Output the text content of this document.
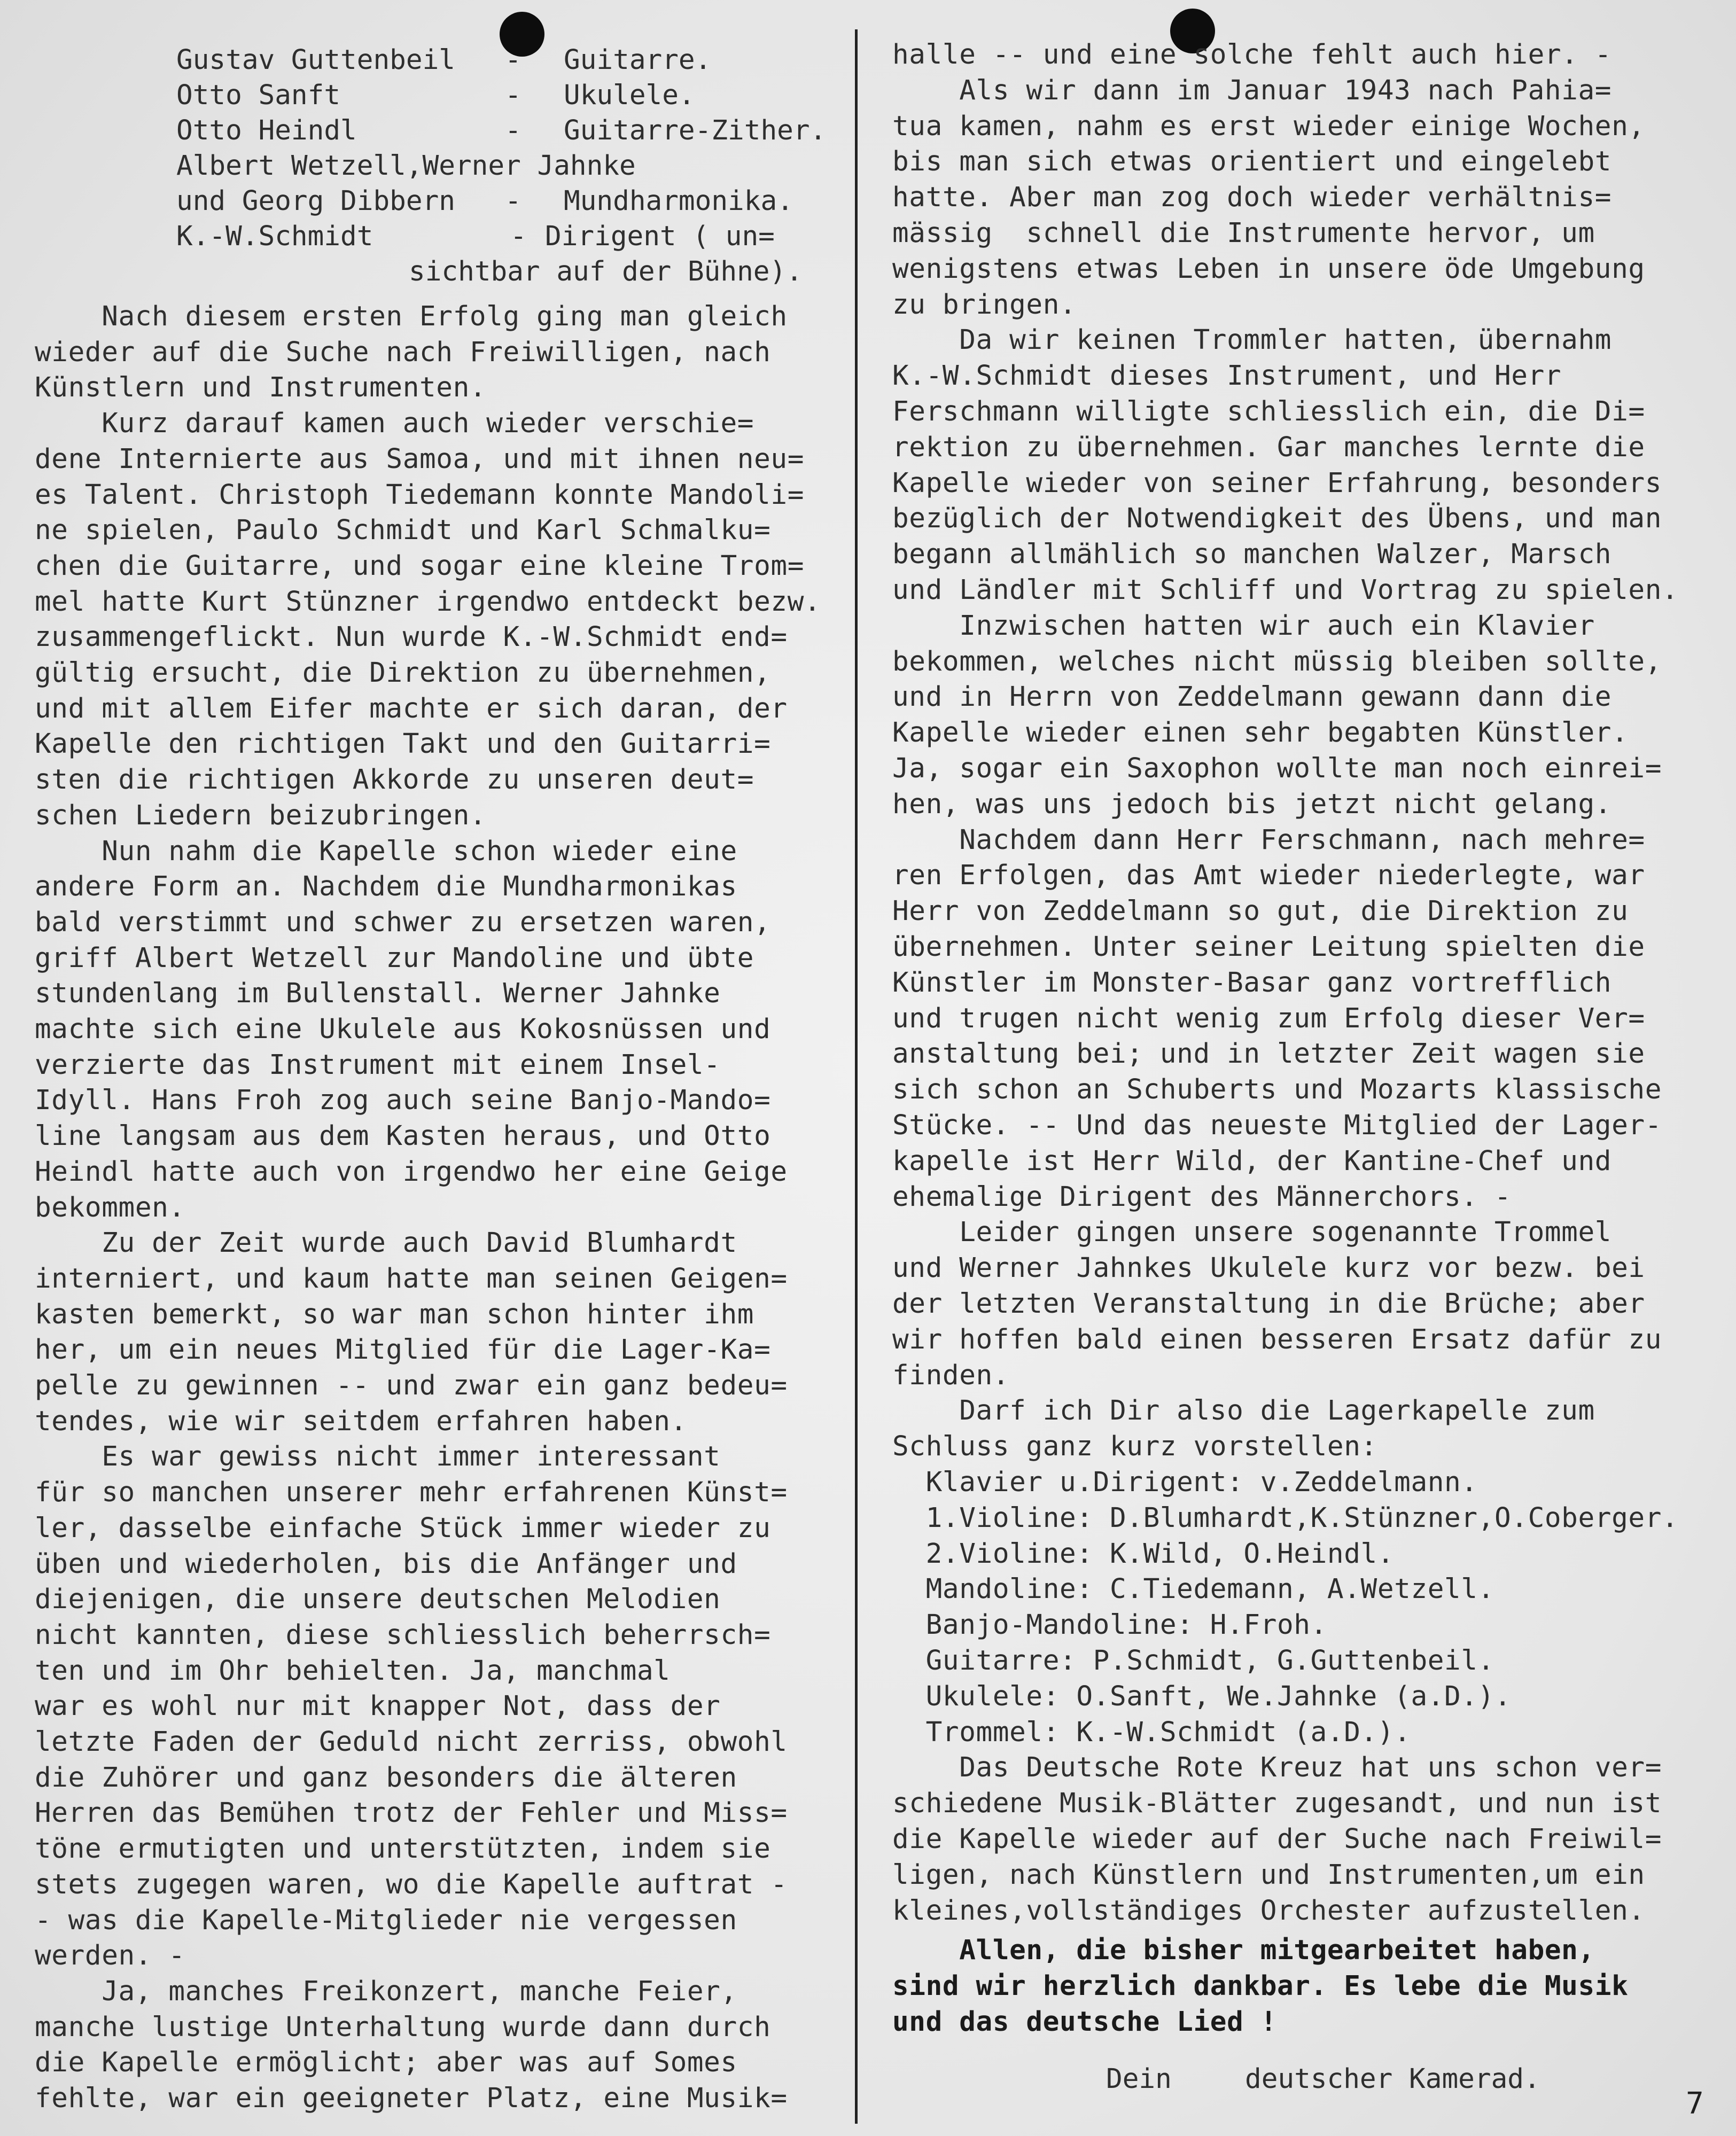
Gustav Guttenbeil - Guitarre.
Otto Sanft	- Ukulele.
Otto Heindl	- Guitarre-Zither.
Albert Wetzell,Werner Jahnke
und Georg Dibbern - Mundharmonika.
K.-W.Schmidt	- Dirigent ( un=
sichtbar auf der Bühne).
Nach diesem ersten Erfolg ging man gleich
wieder auf die Suche nach Freiwilligen, nach
Künstlern und Instrumenten.
Kurz darauf kamen auch wieder verschie=
dene Internierte aus Samoa, und mit ihnen neu=
es Talent. Christoph Tiedemann konnte Mandoli=
ne spielen, Paulo Schmidt und Karl Schmalku=
chen die Guitarre, und sogar eine kleine Trom=
mel hatte Kurt Stünzner irgendwo entdeckt bezw.
zusammengeflickt. Nun wurde K.-W.Schmidt end=
gültig ersucht, die Direktion zu übernehmen,
und mit allem Eifer machte er sich daran, der
Kapelle den richtigen Takt und den Guitarri=
sten die richtigen Akkorde zu unseren deut=
schen Liedern beizubringen.
Nun nahm die Kapelle schon wieder eine
andere Form an. Nachdem die Mundharmonikas
bald verstimmt und schwer zu ersetzen waren,
griff Albert Wetzell zur Mandoline und übte
stundenlang im Bullenstall. Werner Jahnke
machte sich eine Ukulele aus Kokosnüssen und
verzierte das Instrument mit einem Insel-
Idyll. Hans Froh zog auch seine Banjo-Mando=
line langsam aus dem Kasten heraus, und Otto
Heindl hatte auch von irgendwo her eine Geige
bekommen.
Zu der Zeit wurde auch David Blumhardt
interniert, und kaum hatte man seinen Geigen=
kasten bemerkt, so war man schon hinter ihm
her, um ein neues Mitglied für die Lager-Ka=
pelle zu gewinnen -- und zwar ein ganz bedeu=
tendes, wie wir seitdem erfahren haben.
Es war gewiss nicht immer interessant
für so manchen unserer mehr erfahrenen Künst=
ler, dasselbe einfache Stück immer wieder zu
üben und wiederholen, bis die Anfänger und
diejenigen, die unsere deutschen Melodien
nicht kannten, diese schliesslich beherrsch=
ten und im Ohr behielten. Ja, manchmal
war es wohl nur mit knapper Not, dass der
letzte Faden der Geduld nicht zerriss, obwohl
die Zuhörer und ganz besonders die älteren
Herren das Bemühen trotz der Fehler und Miss=
töne ermutigten und unterstützten, indem sie
stets zugegen waren, wo die Kapelle auftrat -
- was die Kapelle-Mitglieder nie vergessen
werden. -
Ja, manches Freikonzert, manche Feier,
manche lustige Unterhaltung wurde dann durch
die Kapelle ermöglicht; aber was auf Somes
fehlte, war ein geeigneter Platz, eine Musik=
halle -- und eine solche fehlt auch hier. -
Als wir dann im Januar 1943 nach Pahia=
tua kamen, nahm es erst wieder einige Wochen,
bis man sich etwas orientiert und eingelebt
hatte. Aber man zog doch wieder verhältnis=
mässig  schnell die Instrumente hervor, um
wenigstens etwas Leben in unsere öde Umgebung
zu bringen.
Da wir keinen Trommler hatten, übernahm
K.-W.Schmidt dieses Instrument, und Herr
Ferschmann willigte schliesslich ein, die Di=
rektion zu übernehmen. Gar manches lernte die
Kapelle wieder von seiner Erfahrung, besonders
bezüglich der Notwendigkeit des Übens, und man
begann allmählich so manchen Walzer, Marsch
und Ländler mit Schliff und Vortrag zu spielen.
Inzwischen hatten wir auch ein Klavier
bekommen, welches nicht müssig bleiben sollte,
und in Herrn von Zeddelmann gewann dann die
Kapelle wieder einen sehr begabten Künstler.
Ja, sogar ein Saxophon wollte man noch einrei=
hen, was uns jedoch bis jetzt nicht gelang.
Nachdem dann Herr Ferschmann, nach mehre=
ren Erfolgen, das Amt wieder niederlegte, war
Herr von Zeddelmann so gut, die Direktion zu
übernehmen. Unter seiner Leitung spielten die
Künstler im Monster-Basar ganz vortrefflich
und trugen nicht wenig zum Erfolg dieser Ver=
anstaltung bei; und in letzter Zeit wagen sie
sich schon an Schuberts und Mozarts klassische
Stücke. -- Und das neueste Mitglied der Lager-
kapelle ist Herr Wild, der Kantine-Chef und
ehemalige Dirigent des Männerchors. -
Leider gingen unsere sogenannte Trommel
und Werner Jahnkes Ukulele kurz vor bezw. bei
der letzten Veranstaltung in die Brüche; aber
wir hoffen bald einen besseren Ersatz dafür zu
finden.
Darf ich Dir also die Lagerkapelle zum
Schluss ganz kurz vorstellen:
Klavier u.Dirigent: v.Zeddelmann.
1.Violine: D.Blumhardt,K.Stünzner,O.Coberger.
2.Violine: K.Wild, O.Heindl.
Mandoline: C.Tiedemann, A.Wetzell.
Banjo-Mandoline: H.Froh.
Guitarre: P.Schmidt, G.Guttenbeil.
Ukulele: O.Sanft, We.Jahnke (a.D.).
Trommel: K.-W.Schmidt (a.D.).
Das Deutsche Rote Kreuz hat uns schon ver=
schiedene Musik-Blätter zugesandt, und nun ist
die Kapelle wieder auf der Suche nach Freiwil=
ligen, nach Künstlern und Instrumenten,um ein
kleines,vollständiges Orchester aufzustellen.
Allen, die bisher mitgearbeitet haben,
sind wir herzlich dankbar. Es lebe die Musik
und das deutsche Lied !
Dein	deutscher Kamerad.
7
